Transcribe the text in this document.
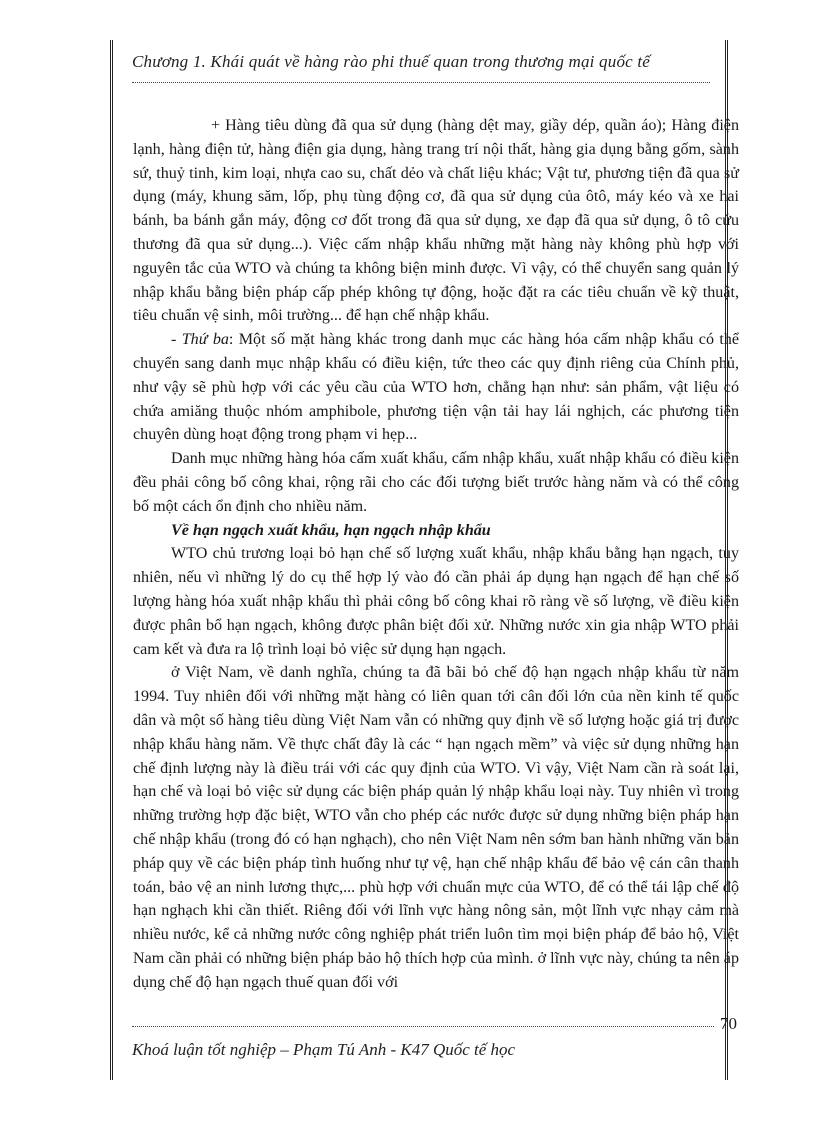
Chương 1. Khái quát về hàng rào phi thuế quan trong thương mại quốc tế

+ Hàng tiêu dùng đã qua sử dụng (hàng dệt may, giầy dép, quần áo); Hàng điện lạnh, hàng điện tử, hàng điện gia dụng, hàng trang trí nội thất, hàng gia dụng bằng gốm, sành sứ, thuỷ tinh, kim loại, nhựa cao su, chất dẻo và chất liệu khác; Vật tư, phương tiện đã qua sử dụng (máy, khung săm, lốp, phụ tùng động cơ, đã qua sử dụng của ôtô, máy kéo và xe hai bánh, ba bánh gắn máy, động cơ đốt trong đã qua sử dụng, xe đạp đã qua sử dụng, ô tô cứu thương đã qua sử dụng...). Việc cấm nhập khẩu những mặt hàng này không phù hợp với nguyên tắc của WTO và chúng ta không biện minh được. Vì vậy, có thể chuyển sang quản lý nhập khẩu bằng biện pháp cấp phép không tự động, hoặc đặt ra các tiêu chuẩn về kỹ thuật, tiêu chuẩn vệ sinh, môi trường... để hạn chế nhập khẩu.

- Thứ ba: Một số mặt hàng khác trong danh mục các hàng hóa cấm nhập khẩu có thể chuyển sang danh mục nhập khẩu có điều kiện, tức theo các quy định riêng của Chính phủ, như vậy sẽ phù hợp với các yêu cầu của WTO hơn, chẳng hạn như: sản phẩm, vật liệu có chứa amiăng thuộc nhóm amphibole, phương tiện vận tải hay lái nghịch, các phương tiện chuyên dùng hoạt động trong phạm vi hẹp...

Danh mục những hàng hóa cấm xuất khẩu, cấm nhập khẩu, xuất nhập khẩu có điều kiện đều phải công bố công khai, rộng rãi cho các đối tượng biết trước hàng năm và có thể công bố một cách ổn định cho nhiều năm.

Về hạn ngạch xuất khẩu, hạn ngạch nhập khẩu

WTO chủ trương loại bỏ hạn chế số lượng xuất khẩu, nhập khẩu bằng hạn ngạch, tuy nhiên, nếu vì những lý do cụ thể hợp lý vào đó cần phải áp dụng hạn ngạch để hạn chế số lượng hàng hóa xuất nhập khẩu thì phải công bố công khai rõ ràng về số lượng, về điều kiện được phân bổ hạn ngạch, không được phân biệt đối xử. Những nước xin gia nhập WTO phải cam kết và đưa ra lộ trình loại bỏ việc sử dụng hạn ngạch.

ở Việt Nam, về danh nghĩa, chúng ta đã bãi bỏ chế độ hạn ngạch nhập khẩu từ năm 1994. Tuy nhiên đối với những mặt hàng có liên quan tới cân đối lớn của nền kinh tế quốc dân và một số hàng tiêu dùng Việt Nam vẫn có những quy định về số lượng hoặc giá trị được nhập khẩu hàng năm. Về thực chất đây là các “ hạn ngạch mềm” và việc sử dụng những hạn chế định lượng này là điều trái với các quy định của WTO. Vì vậy, Việt Nam cần rà soát lại, hạn chế và loại bỏ việc sử dụng các biện pháp quản lý nhập khẩu loại này. Tuy nhiên vì trong những trường hợp đặc biệt, WTO vẫn cho phép các nước được sử dụng những biện pháp hạn chế nhập khẩu (trong đó có hạn nghạch), cho nên Việt Nam nên sớm ban hành những văn bản pháp quy về các biện pháp tình huống như tự vệ, hạn chế nhập khẩu để bảo vệ cán cân thanh toán, bảo vệ an ninh lương thực,... phù hợp với chuẩn mực của WTO, để có thể tái lập chế độ hạn nghạch khi cần thiết. Riêng đối với lĩnh vực hàng nông sản, một lĩnh vực nhạy cảm mà nhiều nước, kể cả những nước công nghiệp phát triển luôn tìm mọi biện pháp để bảo hộ, Việt Nam cần phải có những biện pháp bảo hộ thích hợp của mình. ở lĩnh vực này, chúng ta nên áp dụng chế độ hạn ngạch thuế quan đối với

70
Khoá luận tốt nghiệp – Phạm Tú Anh - K47 Quốc tế học
